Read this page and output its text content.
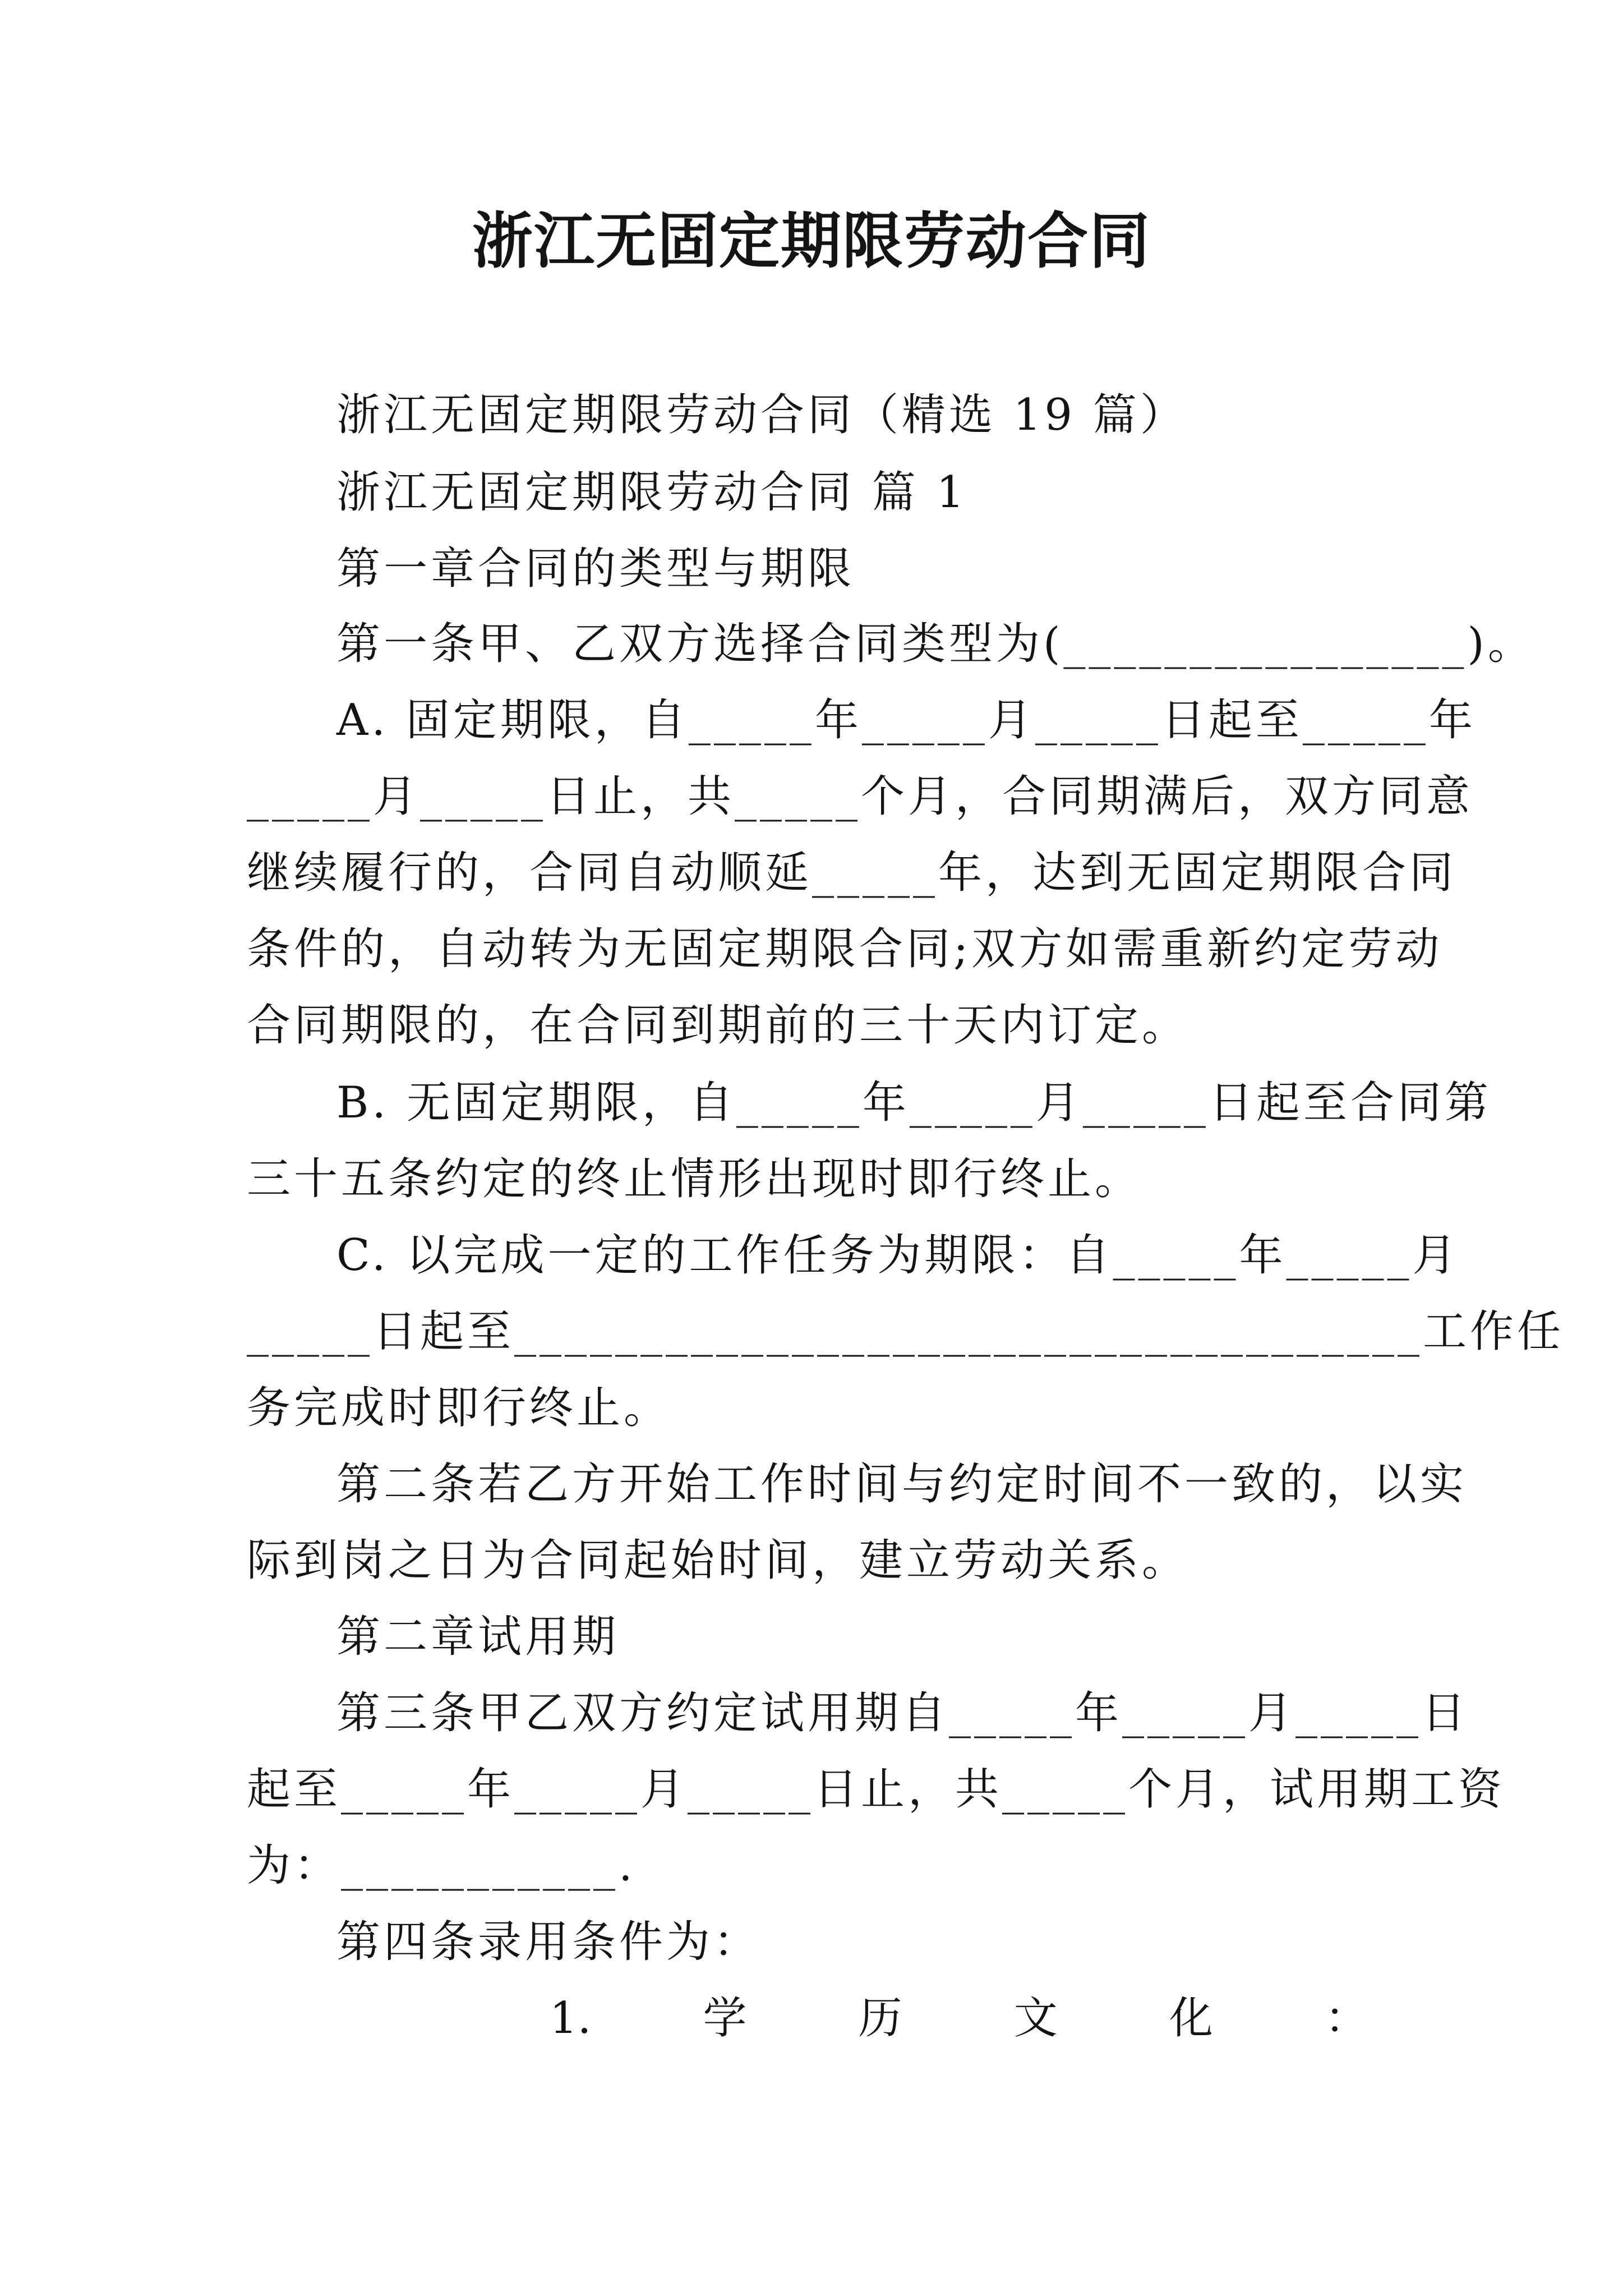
浙江无固定期限劳动合同

浙江无固定期限劳动合同（精选 19 篇）

浙江无固定期限劳动合同 篇 1

第一章合同的类型与期限

第一条甲、乙双方选择合同类型为(________________)。

A. 固定期限，自_____年_____月_____日起至_____年

_____月_____日止，共_____个月，合同期满后，双方同意

继续履行的，合同自动顺延_____年，达到无固定期限合同

条件的，自动转为无固定期限合同;双方如需重新约定劳动

合同期限的，在合同到期前的三十天内订定。

B. 无固定期限，自_____年_____月_____日起至合同第

三十五条约定的终止情形出现时即行终止。

C. 以完成一定的工作任务为期限：自_____年_____月

_____日起至____________________________________工作任

务完成时即行终止。

第二条若乙方开始工作时间与约定时间不一致的，以实

际到岗之日为合同起始时间，建立劳动关系。

第二章试用期

第三条甲乙双方约定试用期自_____年_____月_____日

起至_____年_____月_____日止，共_____个月，试用期工资

为：___________.

第四条录用条件为：

1.	学	历	文	化	：
